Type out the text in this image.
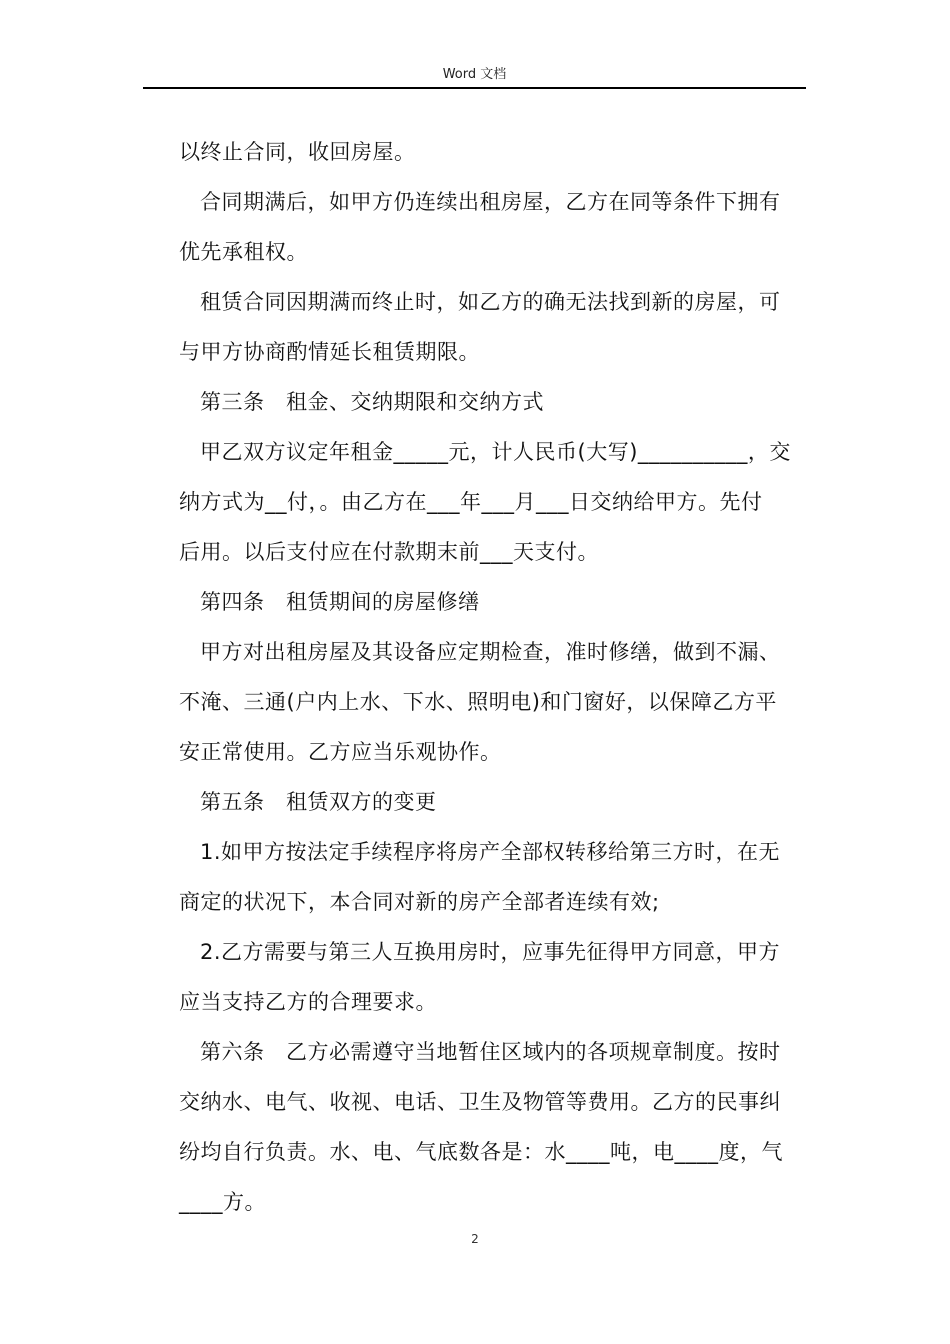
Word 文档

以终止合同，收回房屋。

合同期满后，如甲方仍连续出租房屋，乙方在同等条件下拥有

优先承租权。

租赁合同因期满而终止时，如乙方的确无法找到新的房屋，可

与甲方协商酌情延长租赁期限。

第三条　租金、交纳期限和交纳方式

甲乙双方议定年租金_____元，计人民币(大写)__________，交

纳方式为__付，。由乙方在___年___月___日交纳给甲方。先付

后用。以后支付应在付款期末前___天支付。

第四条　租赁期间的房屋修缮

甲方对出租房屋及其设备应定期检查，准时修缮，做到不漏、

不淹、三通(户内上水、下水、照明电)和门窗好，以保障乙方平

安正常使用。乙方应当乐观协作。

第五条　租赁双方的变更

1.如甲方按法定手续程序将房产全部权转移给第三方时，在无

商定的状况下，本合同对新的房产全部者连续有效;

2.乙方需要与第三人互换用房时，应事先征得甲方同意，甲方

应当支持乙方的合理要求。

第六条　乙方必需遵守当地暂住区域内的各项规章制度。按时

交纳水、电气、收视、电话、卫生及物管等费用。乙方的民事纠

纷均自行负责。水、电、气底数各是：水____吨，电____度，气

____方。

2
